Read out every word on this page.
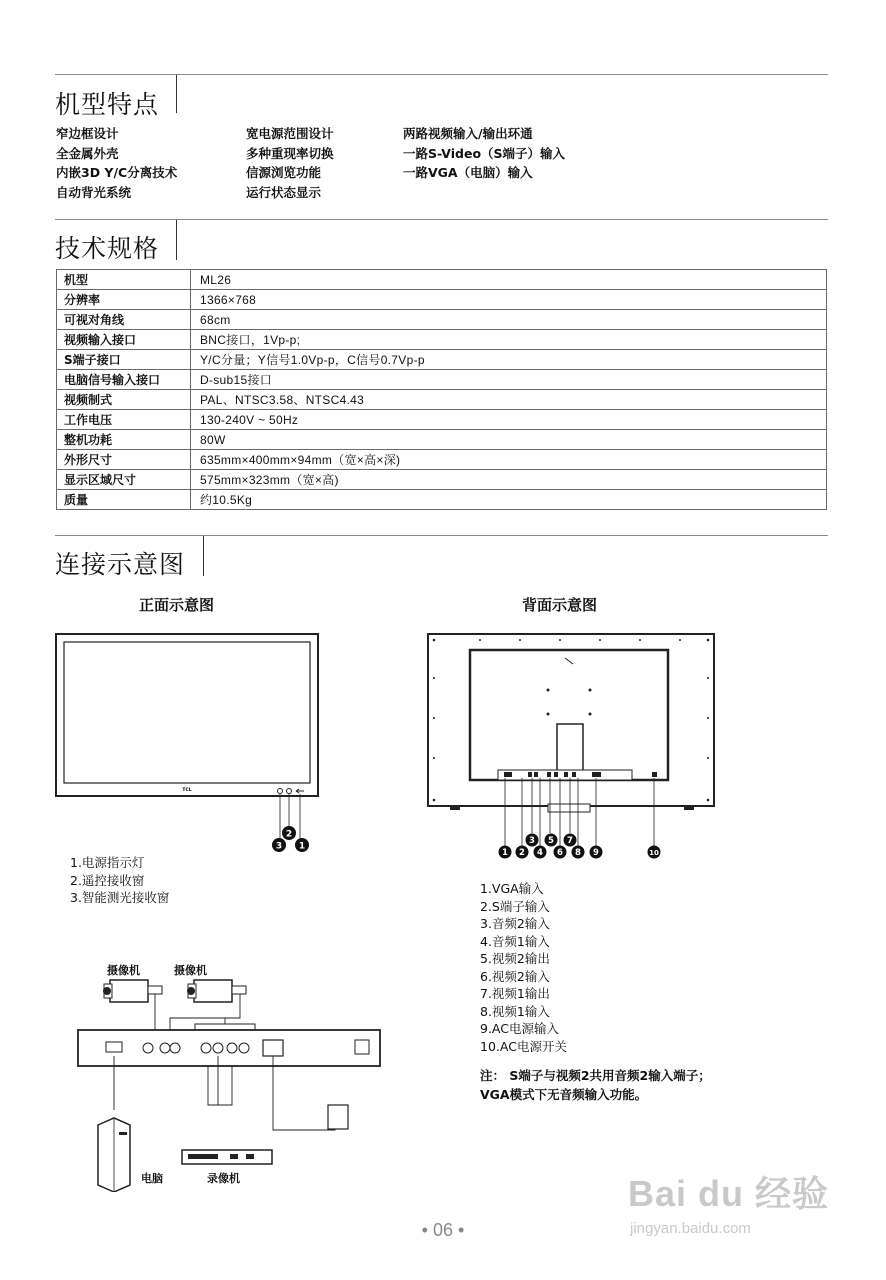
机型特点
窄边框设计
全金属外壳
内嵌3D Y/C分离技术
自动背光系统
宽电源范围设计
多种重现率切换
信源浏览功能
运行状态显示
两路视频输入/输出环通
一路S-Video（S端子）输入
一路VGA（电脑）输入
技术规格
机型	ML26
分辨率	1366×768
可视对角线	68cm
视频输入接口	BNC接口，1Vp-p;
S端子接口	Y/C分量；Y信号1.0Vp-p，C信号0.7Vp-p
电脑信号输入接口	D-sub15接口
视频制式	PAL、NTSC3.58、NTSC4.43
工作电压	130-240V ~ 50Hz
整机功耗	80W
外形尺寸	635mm×400mm×94mm（宽×高×深)
显示区域尺寸	575mm×323mm（宽×高)
质量	约10.5Kg
连接示意图
正面示意图	背面示意图
TCL
3
2
1
1.电源指示灯
2.遥控接收窗
3.智能测光接收窗
1 2
3
4
5
6
7
8 9	10
1.VGA输入
2.S端子输入
3.音频2输入
4.音频1输入
5.视频2输出
6.视频2输入
7.视频1输出
8.视频1输入
9.AC电源输入
10.AC电源开关
注： S端子与视频2共用音频2输入端子；
VGA模式下无音频输入功能。
摄像机	摄像机
电脑	录像机
• 06 •
Bai du 经验
jingyan.baidu.com
